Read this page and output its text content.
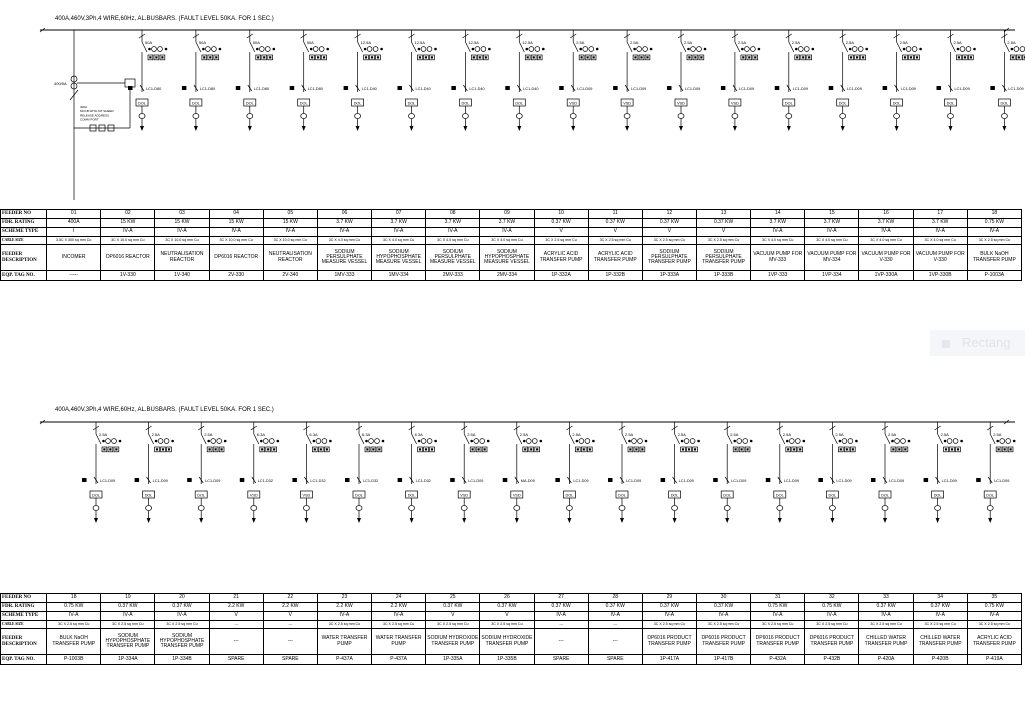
400A,460V,3Ph,4 WIRE,60Hz, AL.BUSBARS. (FAULT LEVEL 50KA. FOR 1 SEC.)
400/5A
400A
MCCB WITH MT SHEED
RELEASE ADDRESS
COMM PORT
50A
LC1-D80
DOL
50A
LC1-D80
DOL
50A
LC1-D80
DOL
50A
LC1-D80
DOL
12.5A
LC1-D40
DOL
12.5A
LC1-D40
DOL
12.5A
LC1-D40
DOL
12.5A
LC1-D40
DOL
2.5A
LC1-D09
VSD
2.5A
LC1-D09
VSD
2.5A
LC1-D09
VSD
2.5A
LC1-D09
VSD
2.5A
LC1-D09
DOL
2.5A
LC1-D09
DOL
2.5A
LC1-D09
DOL
2.5A
LC1-D09
DOL
2.5A
LC1-D09
DOL
FEEDER NO	01	02	03	04	05	06	07	08	09	10	11	12	13	14	15	16	17	18
FDR. RATING	400A	15 KW	15 KW	15 KW	15 KW	3.7 KW	3.7 KW	3.7 KW	3.7 KW	0.37 KW	0.37 KW	0.37 KW	0.37 KW	3.7 KW	3.7 KW	3.7 KW	3.7 KW	0.75 KW
SCHEME TYPE	I	IV-A	IV-A	IV-A	IV-A	IV-A	IV-A	IV-A	IV-A	V	V	V	V	IV-A	IV-A	IV-A	IV-A	IV-A
CABLE SIZE	3.5C X 300 sq mm Cu	3C X 10.0 sq mm Cu	3C X 10.0 sq mm Cu	3C X 10.0 sq mm Cu	3C X 10.0 sq mm Cu	3C X 4.0 sq mm Cu	3C X 4.0 sq mm Cu	3C X 4.0 sq mm Cu	3C X 4.0 sq mm Cu	3C X 2.5 sq mm Cu	3C X 2.5 sq mm Cu	3C X 2.5 sq mm Cu	3C X 2.5 sq mm Cu	3C X 4.0 sq mm Cu	3C X 4.0 sq mm Cu	3C X 4.0 sq mm Cu	3C X 4.0 sq mm Cu	3C X 2.5 sq mm Cu
FEEDER DESCRIPTION	INCOMER	DP6016 REACTOR	NEUTRALISATION REACTOR	DP6016 REACTOR	NEUTRALISATION REACTOR	SODIUM PERSULPHATE MEASURE VESSEL	SODIUM HYPOPHOSPHATE MEASURE VESSEL	SODIUM PERSULPHATE MEASURE VESSEL	SODIUM HYPOPHOSPHATE MEASURE VESSEL	ACRYLIC ACID TRANSFER PUMP	ACRYLIC ACID TRANSFER PUMP	SODIUM PERSULPHATE TRANSFER PUMP	SODIUM PERSULPHATE TRANSFER PUMP	VACUUM PUMP FOR MV-333	VACUUM PUMP FOR MV-334	VACUUM PUMP FOR V-330	VACUUM PUMP FOR V-330	BULK NaOH TRANSFER PUMP
EQP. TAG NO.	-----	1V-330	1V-340	2V-330	2V-340	1MV-333	1MV-334	2MV-333	2MV-334	1P-332A	1P-332B	1P-333A	1P-333B	1VP-333	1VP-334	1VP-330A	1VP-330B	P-1003A
Rectang
400A,460V,3Ph,4 WIRE,60Hz, AL.BUSBARS. (FAULT LEVEL 50KA. FOR 1 SEC.)
2.5A
LC1-D09
DOL
2.5A
LC1-D09
DOL
2.5A
LC1-D09
DOL
6.3A
LC1-D32
VSD
6.3A
LC1-D32
VSD
6.3A
LC1-D32
DOL
6.3A
LC1-D32
DOL
2.5A
LC1-D09
VSD
2.5A
MA-D09
VSD
2.5A
LC1-D09
DOL
2.5A
LC1-D09
DOL
2.5A
LC1-D09
DOL
2.5A
LC1-D09
DOL
2.5A
LC1-D09
DOL
2.5A
LC1-D09
DOL
2.5A
LC1-D09
DOL
2.5A
LC1-D09
DOL
2.5A
LC1-D09
DOL
FEEDER NO	18	19	20	21	22	23	24	25	26	27	28	29	30	31	32	33	34	35
FDR. RATING	0.75 KW	0.37 KW	0.37 KW	2.2 KW	2.2 KW	2.2 KW	2.2 KW	0.37 KW	0.37 KW	0.37 KW	0.37 KW	0.37 KW	0.37 KW	0.75 KW	0.75 KW	0.37 KW	0.37 KW	0.75 KW
SCHEME TYPE	IV-A	IV-A	IV-A	V	V	IV-A	IV-A	V	V	IV-A	IV-A	IV-A	IV-A	IV-A	IV-A	IV-A	IV-A	IV-A
CABLE SIZE	3C X 2.5 sq mm Cu	3C X 2.5 sq mm Cu	3C X 2.5 sq mm Cu	---	---	3C X 2.5 sq mm Cu	3C X 2.5 sq mm Cu	3C X 2.5 sq mm Cu	3C X 2.5 sq mm Cu	---	---	3C X 2.5 sq mm Cu	3C X 2.5 sq mm Cu	3C X 2.5 sq mm Cu	3C X 2.5 sq mm Cu	3C X 2.5 sq mm Cu	3C X 2.5 sq mm Cu	3C X 2.5 sq mm Cu
FEEDER DESCRIPTION	BULK NaOH TRANSFER PUMP	SODIUM HYPOPHOSPHATE TRANSFER PUMP	SODIUM HYPOPHOSPHATE TRANSFER PUMP	---	---	WATER TRANSFER PUMP	WATER TRANSFER PUMP	SODIUM HYDROXIDE TRANSFER PUMP	SODIUM HYDROXIDE TRANSFER PUMP	---	---	DP6016 PRODUCT TRANSFER PUMP	DP6016 PRODUCT TRANSFER PUMP	DP6016 PRODUCT TRANSFER PUMP	DP6016 PRODUCT TRANSFER PUMP	CHILLED WATER TRANSFER PUMP	CHILLED WATER TRANSFER PUMP	ACRYLIC ACID TRANSFER PUMP
EQP. TAG NO.	P-1003B	1P-334A	1P-334B	SPARE	SPARE	P-437A	P-437A	1P-335A	1P-335B	SPARE	SPARE	1P-417A	1P-417B	P-432A	P-432B	P-420A	P-420B	P-419A
